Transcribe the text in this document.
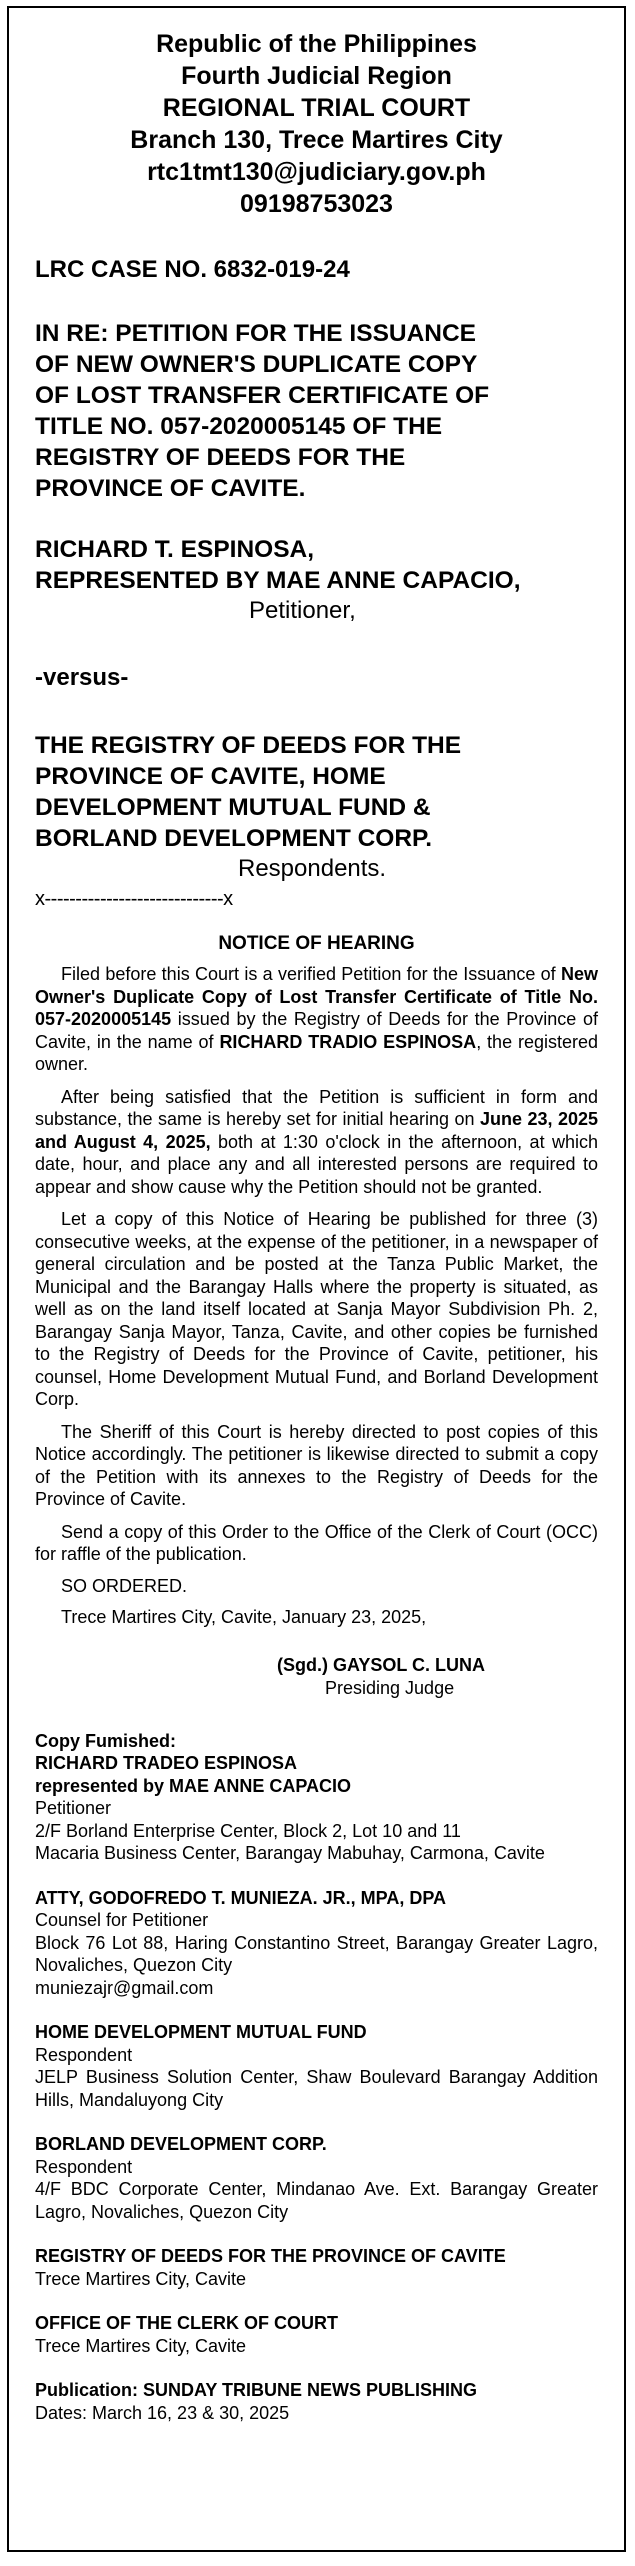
Republic of the Philippines
Fourth Judicial Region
REGIONAL TRIAL COURT
Branch 130, Trece Martires City
rtc1tmt130@judiciary.gov.ph
09198753023
LRC CASE NO. 6832-019-24
IN RE: PETITION FOR THE ISSUANCE
OF NEW OWNER'S DUPLICATE COPY
OF LOST TRANSFER CERTIFICATE OF
TITLE NO. 057-2020005145 OF THE
REGISTRY OF DEEDS FOR THE
PROVINCE OF CAVITE.
RICHARD T. ESPINOSA,
REPRESENTED BY MAE ANNE CAPACIO,
Petitioner,
-versus-
THE REGISTRY OF DEEDS FOR THE
PROVINCE OF CAVITE, HOME
DEVELOPMENT MUTUAL FUND &
BORLAND DEVELOPMENT CORP.
Respondents.
x-----------------------------x
NOTICE OF HEARING

Filed before this Court is a verified Petition for the Issuance of New Owner's Duplicate Copy of Lost Transfer Certificate of Title No. 057-2020005145 issued by the Registry of Deeds for the Province of Cavite, in the name of RICHARD TRADIO ESPINOSA, the registered owner.

After being satisfied that the Petition is sufficient in form and substance, the same is hereby set for initial hearing on June 23, 2025 and August 4, 2025, both at 1:30 o'clock in the afternoon, at which date, hour, and place any and all interested persons are required to appear and show cause why the Petition should not be granted.

Let a copy of this Notice of Hearing be published for three (3) consecutive weeks, at the expense of the petitioner, in a newspaper of general circulation and be posted at the Tanza Public Market, the Municipal and the Barangay Halls where the property is situated, as well as on the land itself located at Sanja Mayor Subdivision Ph. 2, Barangay Sanja Mayor, Tanza, Cavite, and other copies be furnished to the Registry of Deeds for the Province of Cavite, petitioner, his counsel, Home Development Mutual Fund, and Borland Development Corp.

The Sheriff of this Court is hereby directed to post copies of this Notice accordingly. The petitioner is likewise directed to submit a copy of the Petition with its annexes to the Registry of Deeds for the Province of Cavite.

Send a copy of this Order to the Office of the Clerk of Court (OCC) for raffle of the publication.

SO ORDERED.
Trece Martires City, Cavite, January 23, 2025,
(Sgd.) GAYSOL C. LUNA
Presiding Judge
Copy Fumished:
RICHARD TRADEO ESPINOSA
represented by MAE ANNE CAPACIO
Petitioner
2/F Borland Enterprise Center, Block 2, Lot 10 and 11
Macaria Business Center, Barangay Mabuhay, Carmona, Cavite
ATTY, GODOFREDO T. MUNIEZA. JR., MPA, DPA
Counsel for Petitioner
Block 76 Lot 88, Haring Constantino Street, Barangay Greater Lagro, Novaliches, Quezon City
muniezajr@gmail.com
HOME DEVELOPMENT MUTUAL FUND
Respondent
JELP Business Solution Center, Shaw Boulevard Barangay Addition Hills, Mandaluyong City
BORLAND DEVELOPMENT CORP.
Respondent
4/F BDC Corporate Center, Mindanao Ave. Ext. Barangay Greater Lagro, Novaliches, Quezon City
REGISTRY OF DEEDS FOR THE PROVINCE OF CAVITE
Trece Martires City, Cavite
OFFICE OF THE CLERK OF COURT
Trece Martires City, Cavite
Publication: SUNDAY TRIBUNE NEWS PUBLISHING
Dates: March 16, 23 & 30, 2025
